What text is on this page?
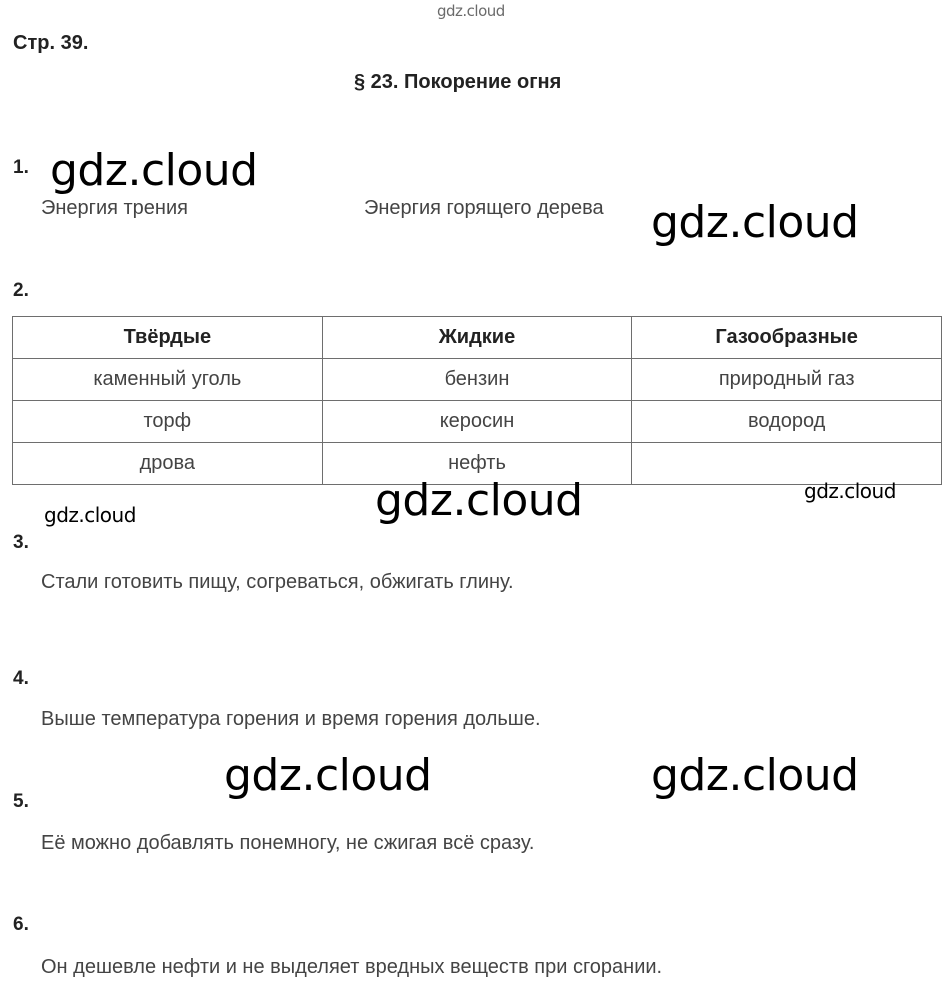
gdz.cloud
Стр. 39.
§ 23. Покорение огня
1. gdz.cloud
Энергия трения	Энергия горящего дерева gdz.cloud
2.
Твёрдые	Жидкие	Газообразные
каменный уголь	бензин	природный газ
торф	керосин	водород
дрова	нефть	
gdz.cloud	gdz.cloud	gdz.cloud
3.
Стали готовить пищу, согреваться, обжигать глину.
4.
Выше температура горения и время горения дольше.
gdz.cloud	gdz.cloud
5.
Её можно добавлять понемногу, не сжигая всё сразу.
6.
Он дешевле нефти и не выделяет вредных веществ при сгорании.
